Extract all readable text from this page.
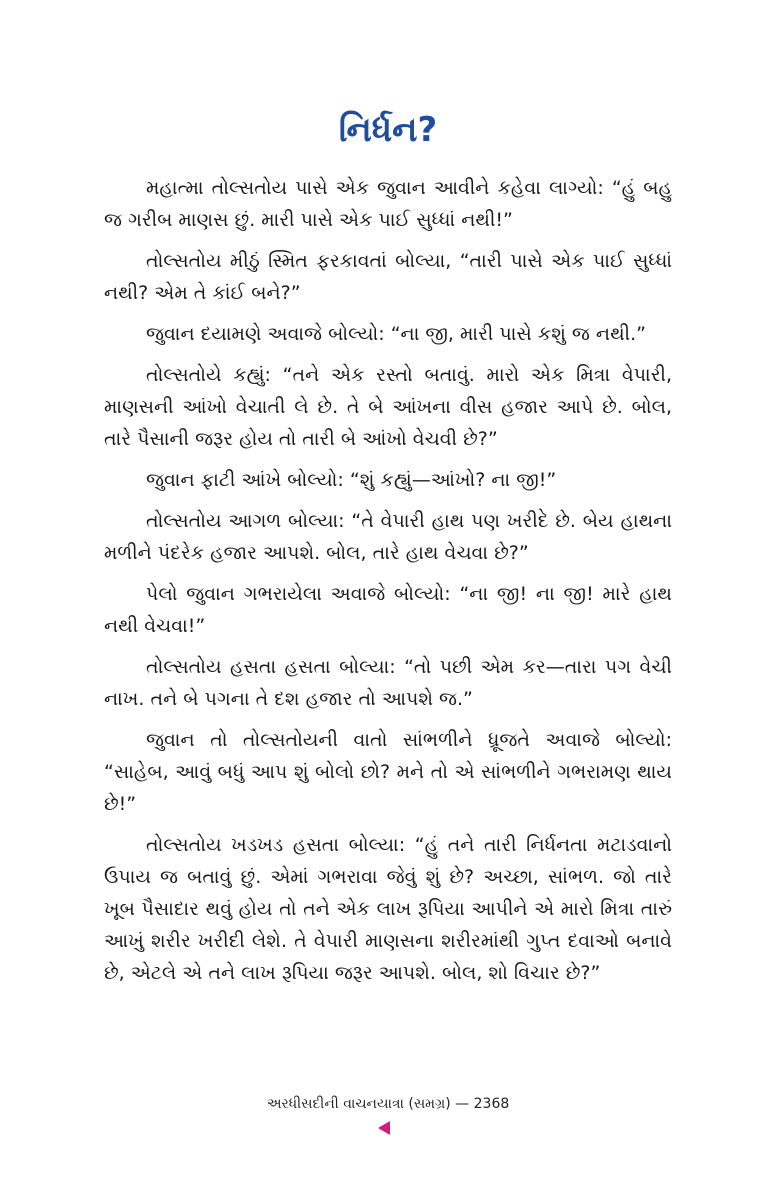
નિર્ધન?

મહાત્મા તોલ્સતોય પાસે એક જુવાન આવીને કહેવા લાગ્યો: “હું બહુ જ ગરીબ માણસ છું. મારી પાસે એક પાઈ સુધ્ધાં નથી!”

તોલ્સતોય મીઠું સ્મિત ફરકાવતાં બોલ્યા, “તારી પાસે એક પાઈ સુધ્ધાં નથી? એમ તે કાંઈ બને?”

જુવાન દયામણે અવાજે બોલ્યો: “ના જી, મારી પાસે કશું જ નથી.”

તોલ્સતોયે કહ્યું: “તને એક રસ્તો બતાવું. મારો એક મિત્રા વેપારી, માણસની આંખો વેચાતી લે છે. તે બે આંખના વીસ હજાર આપે છે. બોલ, તારે પૈસાની જરૂર હોય તો તારી બે આંખો વેચવી છે?”

જુવાન ફાટી આંખે બોલ્યો: “શું કહ્યું—આંખો? ના જી!”

તોલ્સતોય આગળ બોલ્યા: “તે વેપારી હાથ પણ ખરીદે છે. બેય હાથના મળીને પંદરેક હજાર આપશે. બોલ, તારે હાથ વેચવા છે?”

પેલો જુવાન ગભરાયેલા અવાજે બોલ્યો: “ના જી! ના જી! મારે હાથ નથી વેચવા!”

તોલ્સતોય હસતા હસતા બોલ્યા: “તો પછી એમ કર—તારા પગ વેચી નાખ. તને બે પગના તે દશ હજાર તો આપશે જ.”

જુવાન તો તોલ્સતોયની વાતો સાંભળીને ધ્રૂજતે અવાજે બોલ્યો: “સાહેબ, આવું બધું આપ શું બોલો છો? મને તો એ સાંભળીને ગભરામણ થાય છે!”

તોલ્સતોય ખડખડ હસતા બોલ્યા: “હું તને તારી નિર્ધનતા મટાડવાનો ઉપાય જ બતાવું છું. એમાં ગભરાવા જેવું શું છે? અચ્છા, સાંભળ. જો તારે ખૂબ પૈસાદાર થવું હોય તો તને એક લાખ રૂપિયા આપીને એ મારો મિત્રા તારું આખું શરીર ખરીદી લેશે. તે વેપારી માણસના શરીરમાંથી ગુપ્ત દવાઓ બનાવે છે, એટલે એ તને લાખ રૂપિયા જરૂર આપશે. બોલ, શો વિચાર છે?”

અરધીસદીની વાચનયાત્રા (સમગ્ર) — 2368
